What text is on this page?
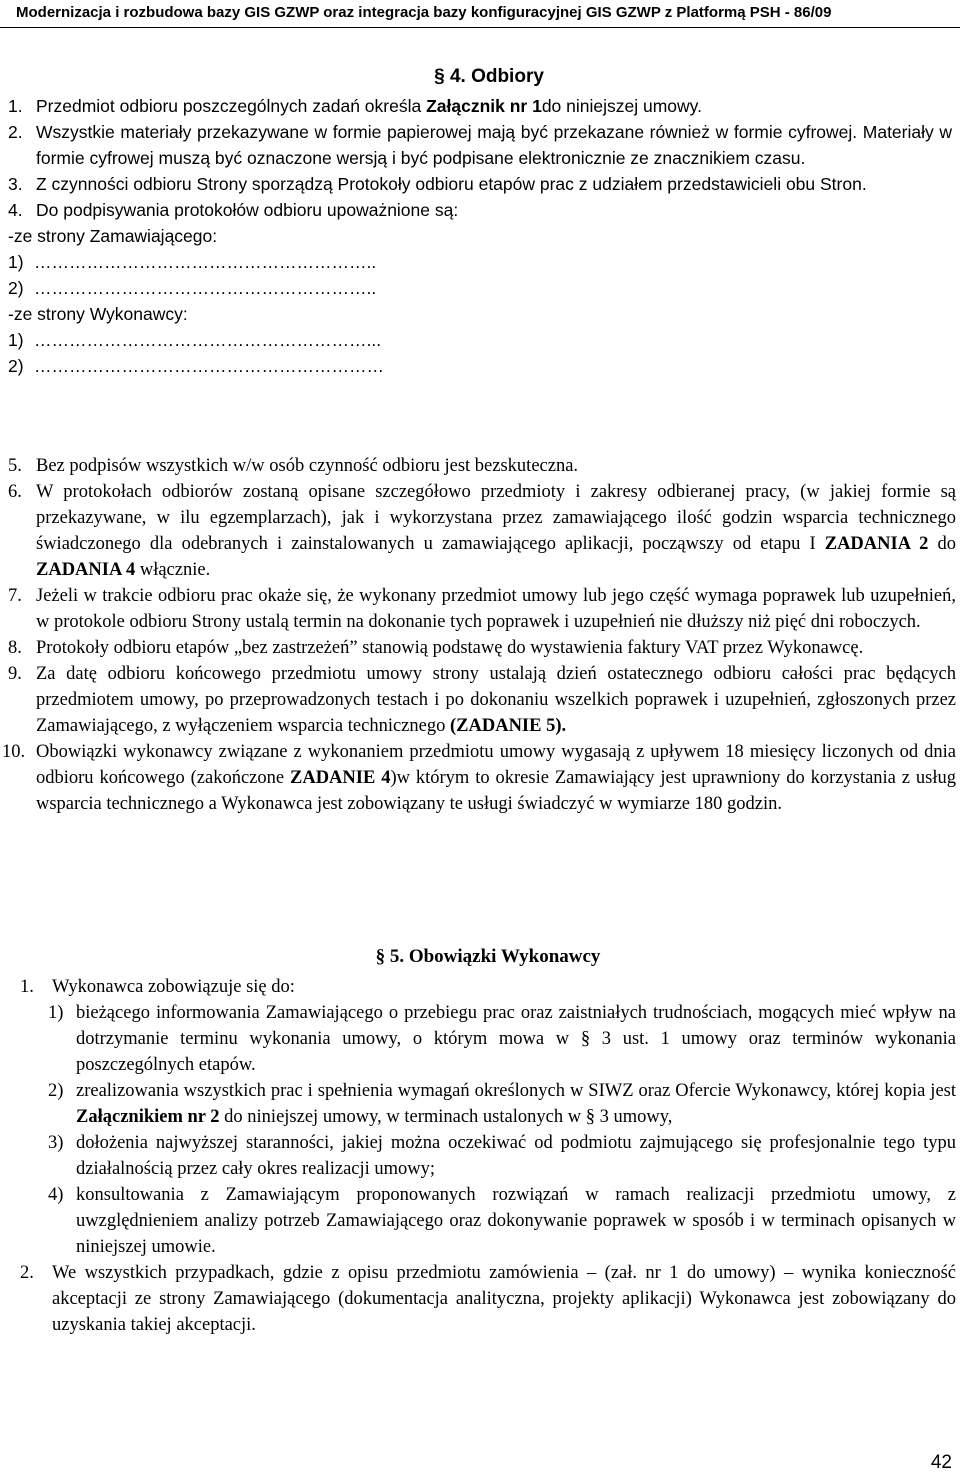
Modernizacja i rozbudowa bazy GIS GZWP oraz integracja bazy konfiguracyjnej GIS GZWP z Platformą PSH - 86/09
§ 4. Odbiory
1. Przedmiot odbioru poszczególnych zadań określa Załącznik nr 1do niniejszej umowy.
2. Wszystkie materiały przekazywane w formie papierowej mają być przekazane również w formie cyfrowej. Materiały w formie cyfrowej muszą być oznaczone wersją i być podpisane elektronicznie ze znacznikiem czasu.
3. Z czynności odbioru Strony sporządzą Protokoły odbioru etapów prac z udziałem przedstawicieli obu Stron.
4. Do podpisywania protokołów odbioru upoważnione są:
-ze strony Zamawiającego:
1) …………………………………………………..
2) …………………………………………………..
-ze strony Wykonawcy:
1) …………………………………………………...
2) ……………………………………………………
5. Bez podpisów wszystkich w/w osób czynność odbioru jest bezskuteczna.
6. W protokołach odbiorów zostaną opisane szczegółowo przedmioty i zakresy odbieranej pracy, (w jakiej formie są przekazywane, w ilu egzemplarzach), jak i wykorzystana przez zamawiającego ilość godzin wsparcia technicznego świadczonego dla odebranych i zainstalowanych u zamawiającego aplikacji, począwszy od etapu I ZADANIA 2 do ZADANIA 4 włącznie.
7. Jeżeli w trakcie odbioru prac okaże się, że wykonany przedmiot umowy lub jego część wymaga poprawek lub uzupełnień, w protokole odbioru Strony ustalą termin na dokonanie tych poprawek i uzupełnień nie dłuższy niż pięć dni roboczych.
8. Protokoły odbioru etapów „bez zastrzeżeń” stanowią podstawę do wystawienia faktury VAT przez Wykonawcę.
9. Za datę odbioru końcowego przedmiotu umowy strony ustalają dzień ostatecznego odbioru całości prac będących przedmiotem umowy, po przeprowadzonych testach i po dokonaniu wszelkich poprawek i uzupełnień, zgłoszonych przez Zamawiającego, z wyłączeniem wsparcia technicznego (ZADANIE 5).
10. Obowiązki wykonawcy związane z wykonaniem przedmiotu umowy wygasają z upływem 18 miesięcy liczonych od dnia odbioru końcowego (zakończone ZADANIE 4)w którym to okresie Zamawiający jest uprawniony do korzystania z usług wsparcia technicznego a Wykonawca jest zobowiązany te usługi świadczyć w wymiarze 180 godzin.
§ 5. Obowiązki Wykonawcy
1. Wykonawca zobowiązuje się do:
1) bieżącego informowania Zamawiającego o przebiegu prac oraz zaistniałych trudnościach, mogących mieć wpływ na dotrzymanie terminu wykonania umowy, o którym mowa w § 3 ust. 1 umowy oraz terminów wykonania poszczególnych etapów.
2) zrealizowania wszystkich prac i spełnienia wymagań określonych w SIWZ oraz Ofercie Wykonawcy, której kopia jest Załącznikiem nr 2 do niniejszej umowy, w terminach ustalonych w § 3 umowy,
3) dołożenia najwyższej staranności, jakiej można oczekiwać od podmiotu zajmującego się profesjonalnie tego typu działalnością przez cały okres realizacji umowy;
4) konsultowania z Zamawiającym proponowanych rozwiązań w ramach realizacji przedmiotu umowy, z uwzględnieniem analizy potrzeb Zamawiającego oraz dokonywanie poprawek w sposób i w terminach opisanych w niniejszej umowie.
2. We wszystkich przypadkach, gdzie z opisu przedmiotu zamówienia – (zał. nr 1 do umowy) – wynika konieczność akceptacji ze strony Zamawiającego (dokumentacja analityczna, projekty aplikacji) Wykonawca jest zobowiązany do uzyskania takiej akceptacji.
42
